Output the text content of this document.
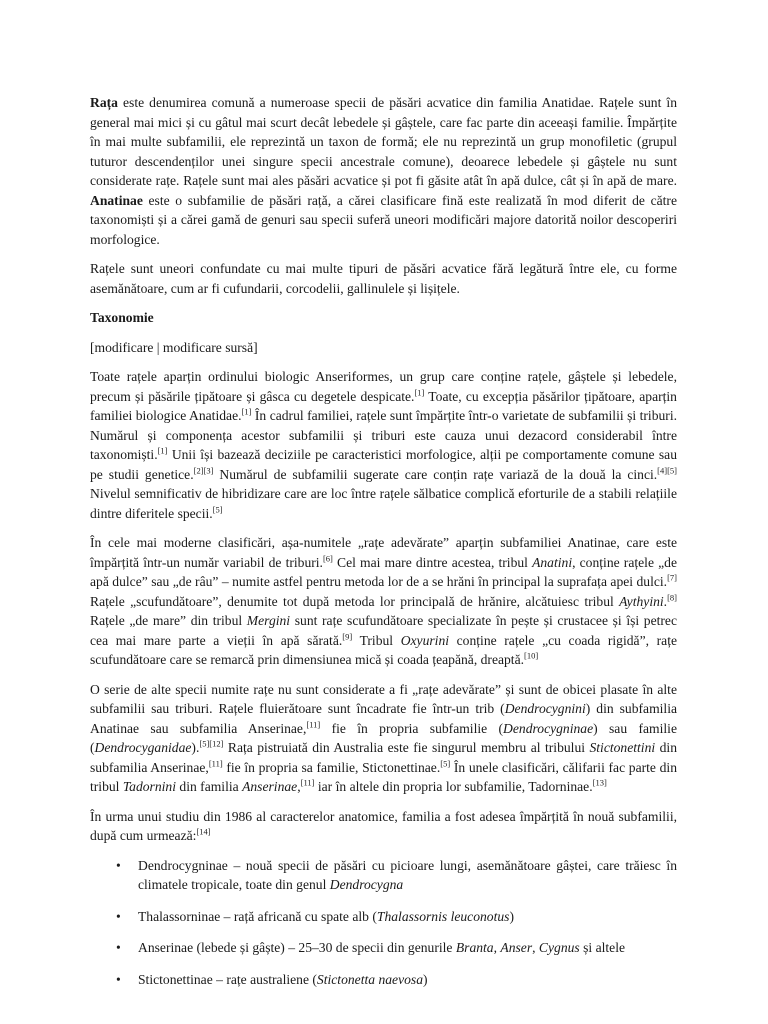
Rața este denumirea comună a numeroase specii de păsări acvatice din familia Anatidae. Rațele sunt în general mai mici și cu gâtul mai scurt decât lebedele și gâștele, care fac parte din aceeași familie. Împărțite în mai multe subfamilii, ele reprezintă un taxon de formă; ele nu reprezintă un grup monofiletic (grupul tuturor descendenților unei singure specii ancestrale comune), deoarece lebedele și gâștele nu sunt considerate rațe. Rațele sunt mai ales păsări acvatice și pot fi găsite atât în apă dulce, cât și în apă de mare. Anatinae este o subfamilie de păsări rață, a cărei clasificare fină este realizată în mod diferit de către taxonomiști și a cărei gamă de genuri sau specii suferă uneori modificări majore datorită noilor descoperiri morfologice.

Rațele sunt uneori confundate cu mai multe tipuri de păsări acvatice fără legătură între ele, cu forme asemănătoare, cum ar fi cufundarii, corcodelii, gallinulele și lișițele.

Taxonomie

[modificare | modificare sursă]

Toate rațele aparțin ordinului biologic Anseriformes, un grup care conține rațele, gâștele și lebedele, precum și păsările țipătoare și gâsca cu degetele despicate.[1] Toate, cu excepția păsărilor țipătoare, aparțin familiei biologice Anatidae.[1] În cadrul familiei, rațele sunt împărțite într-o varietate de subfamilii și triburi. Numărul și componența acestor subfamilii și triburi este cauza unui dezacord considerabil între taxonomiști.[1] Unii își bazează deciziile pe caracteristici morfologice, alții pe comportamente comune sau pe studii genetice.[2][3] Numărul de subfamilii sugerate care conțin rațe variază de la două la cinci.[4][5] Nivelul semnificativ de hibridizare care are loc între rațele sălbatice complică eforturile de a stabili relațiile dintre diferitele specii.[5]

În cele mai moderne clasificări, așa-numitele „rațe adevărate” aparțin subfamiliei Anatinae, care este împărțită într-un număr variabil de triburi.[6] Cel mai mare dintre acestea, tribul Anatini, conține rațele „de apă dulce” sau „de râu” – numite astfel pentru metoda lor de a se hrăni în principal la suprafața apei dulci.[7] Rațele „scufundătoare”, denumite tot după metoda lor principală de hrănire, alcătuiesc tribul Aythyini.[8] Rațele „de mare” din tribul Mergini sunt rațe scufundătoare specializate în pește și crustacee și își petrec cea mai mare parte a vieții în apă sărată.[9] Tribul Oxyurini conține rațele „cu coada rigidă”, rațe scufundătoare care se remarcă prin dimensiunea mică și coada țeapănă, dreaptă.[10]

O serie de alte specii numite rațe nu sunt considerate a fi „rațe adevărate” și sunt de obicei plasate în alte subfamilii sau triburi. Rațele fluierătoare sunt încadrate fie într-un trib (Dendrocygnini) din subfamilia Anatinae sau subfamilia Anserinae,[11] fie în propria subfamilie (Dendrocygninae) sau familie (Dendrocyganidae).[5][12] Rața pistruiată din Australia este fie singurul membru al tribului Stictonettini din subfamilia Anserinae,[11] fie în propria sa familie, Stictonettinae.[5] În unele clasificări, călifarii fac parte din tribul Tadornini din familia Anserinae,[11] iar în altele din propria lor subfamilie, Tadorninae.[13]

În urma unui studiu din 1986 al caracterelor anatomice, familia a fost adesea împărțită în nouă subfamilii, după cum urmează:[14]

• Dendrocygninae – nouă specii de păsări cu picioare lungi, asemănătoare gâștei, care trăiesc în climatele tropicale, toate din genul Dendrocygna
• Thalassorninae – rață africană cu spate alb (Thalassornis leuconotus)
• Anserinae (lebede și gâște) – 25–30 de specii din genurile Branta, Anser, Cygnus și altele
• Stictonettinae – rațe australiene (Stictonetta naevosa)
